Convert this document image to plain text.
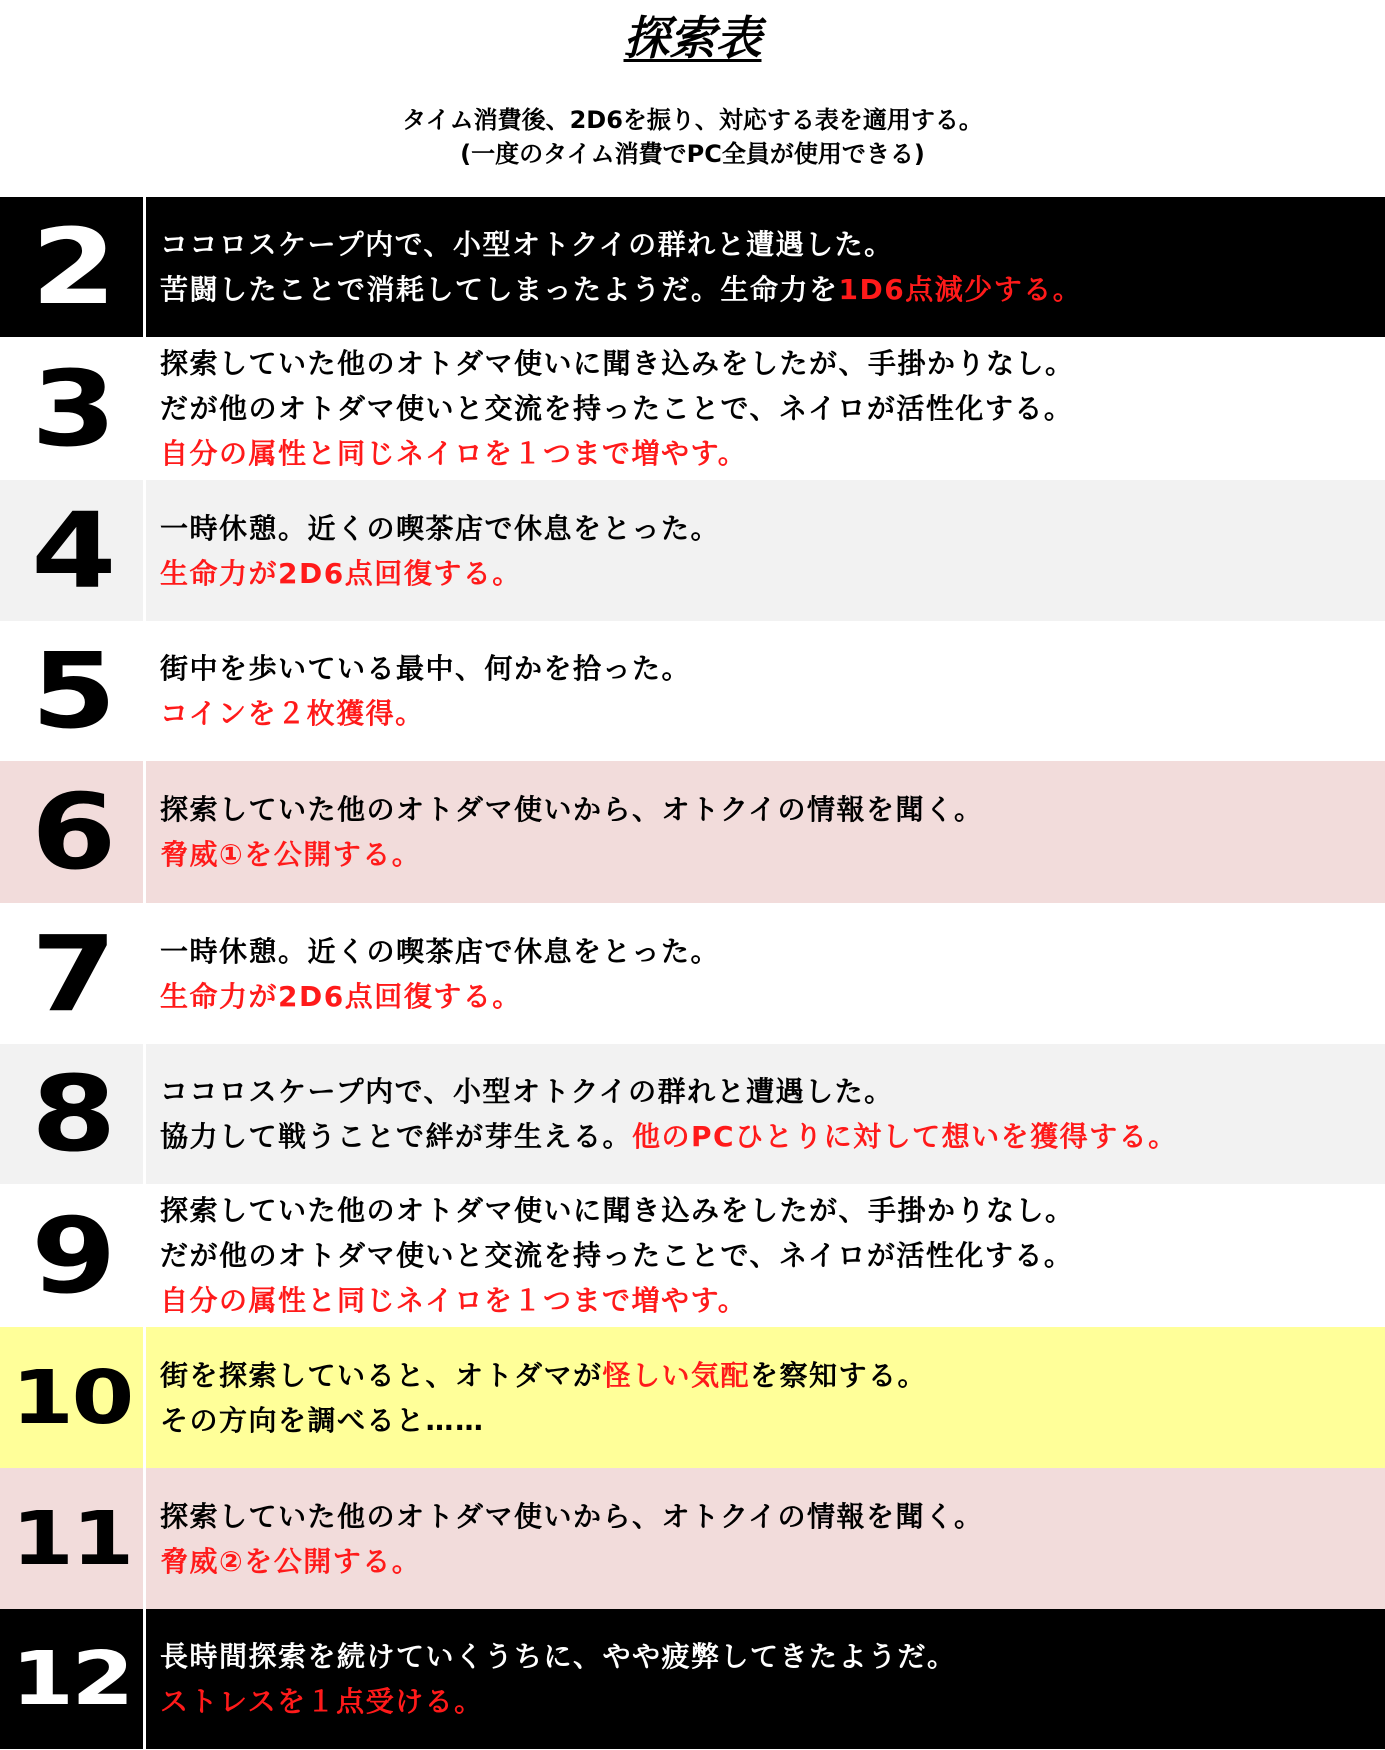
探索表
タイム消費後、2D6を振り、対応する表を適用する。
(一度のタイム消費でPC全員が使用できる)
2	ココロスケープ内で、小型オトクイの群れと遭遇した。
苦闘したことで消耗してしまったようだ。生命力を1D6点減少する。
3	探索していた他のオトダマ使いに聞き込みをしたが、手掛かりなし。
だが他のオトダマ使いと交流を持ったことで、ネイロが活性化する。
自分の属性と同じネイロを１つまで増やす。
4	一時休憩。近くの喫茶店で休息をとった。
生命力が2D6点回復する。
5	街中を歩いている最中、何かを拾った。
コインを２枚獲得。
6	探索していた他のオトダマ使いから、オトクイの情報を聞く。
脅威①を公開する。
7	一時休憩。近くの喫茶店で休息をとった。
生命力が2D6点回復する。
8	ココロスケープ内で、小型オトクイの群れと遭遇した。
協力して戦うことで絆が芽生える。他のPCひとりに対して想いを獲得する。
9	探索していた他のオトダマ使いに聞き込みをしたが、手掛かりなし。
だが他のオトダマ使いと交流を持ったことで、ネイロが活性化する。
自分の属性と同じネイロを１つまで増やす。
10	街を探索していると、オトダマが怪しい気配を察知する。
その方向を調べると……
11	探索していた他のオトダマ使いから、オトクイの情報を聞く。
脅威②を公開する。
12	長時間探索を続けていくうちに、やや疲弊してきたようだ。
ストレスを１点受ける。
